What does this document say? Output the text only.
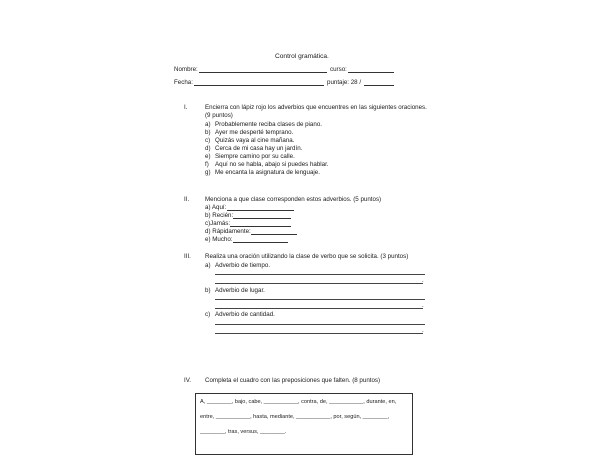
Control gramática.
Nombre:	curso:
Fecha:	puntaje: 28 /
I.	Encierra con lápiz rojo los adverbios que encuentres en las siguientes oraciones.
(9 puntos)
a) Probablemente reciba clases de piano.
b) Ayer me desperté temprano.
c) Quizás vaya al cine mañana.
d) Cerca de mi casa hay un jardín.
e) Siempre camino por su calle.
f) Aquí no se habla, abajo si puedes hablar.
g) Me encanta la asignatura de lenguaje.
II.	Menciona a que clase corresponden estos adverbios. (5 puntos)
a) Aquí:
b) Recién:
c)Jamás:
d) Rápidamente:
e) Mucho:
III. Realiza una oración utilizando la clase de verbo que se solicita. (3 puntos)
a) Adverbio de tiempo.
.
b) Adverbio de lugar.
.
c) Adverbio de cantidad.
.
IV. Completa el cuadro con las preposiciones que falten. (8 puntos)
A, ________, bajo, cabe, ___________, contra, de, ___________, durante, en,
entre, ___________, hasta, mediante, ___________, por, según, ________,
________, tras, versus, ________.
